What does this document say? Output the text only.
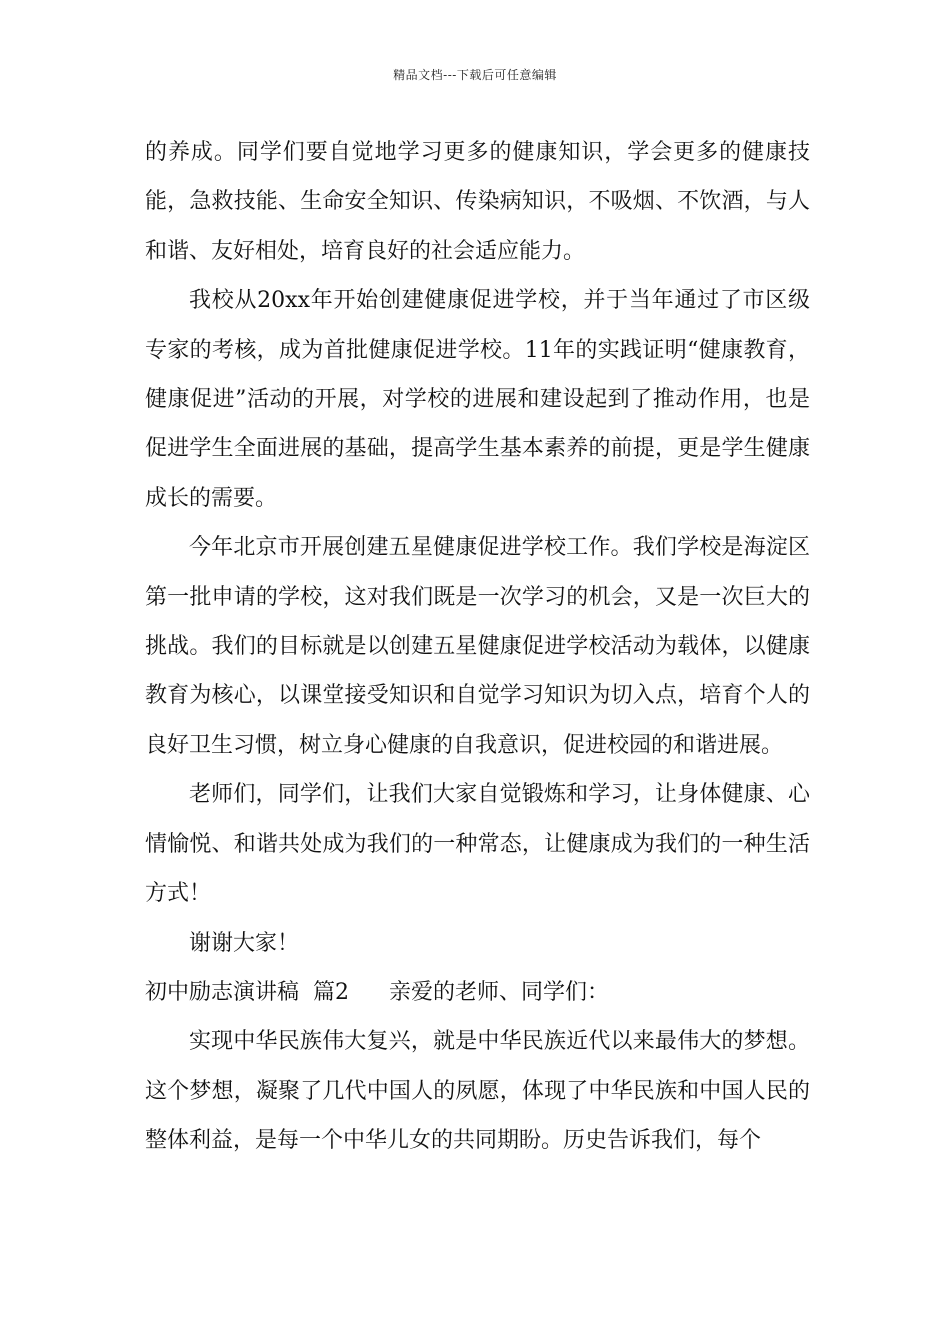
精品文档---下载后可任意编辑

的养成。同学们要自觉地学习更多的健康知识，学会更多的健康技能，急救技能、生命安全知识、传染病知识，不吸烟、不饮酒，与人和谐、友好相处，培育良好的社会适应能力。

我校从20xx年开始创建健康促进学校，并于当年通过了市区级专家的考核，成为首批健康促进学校。11年的实践证明“健康教育，健康促进”活动的开展，对学校的进展和建设起到了推动作用，也是促进学生全面进展的基础，提高学生基本素养的前提，更是学生健康成长的需要。

今年北京市开展创建五星健康促进学校工作。我们学校是海淀区第一批申请的学校，这对我们既是一次学习的机会，又是一次巨大的挑战。我们的目标就是以创建五星健康促进学校活动为载体，以健康教育为核心，以课堂接受知识和自觉学习知识为切入点，培育个人的良好卫生习惯，树立身心健康的自我意识，促进校园的和谐进展。

老师们，同学们，让我们大家自觉锻炼和学习，让身体健康、心情愉悦、和谐共处成为我们的一种常态，让健康成为我们的一种生活方式！

谢谢大家！

初中励志演讲稿  篇2 亲爱的老师、同学们：

实现中华民族伟大复兴，就是中华民族近代以来最伟大的梦想。这个梦想，凝聚了几代中国人的夙愿，体现了中华民族和中国人民的整体利益，是每一个中华儿女的共同期盼。历史告诉我们，每个
